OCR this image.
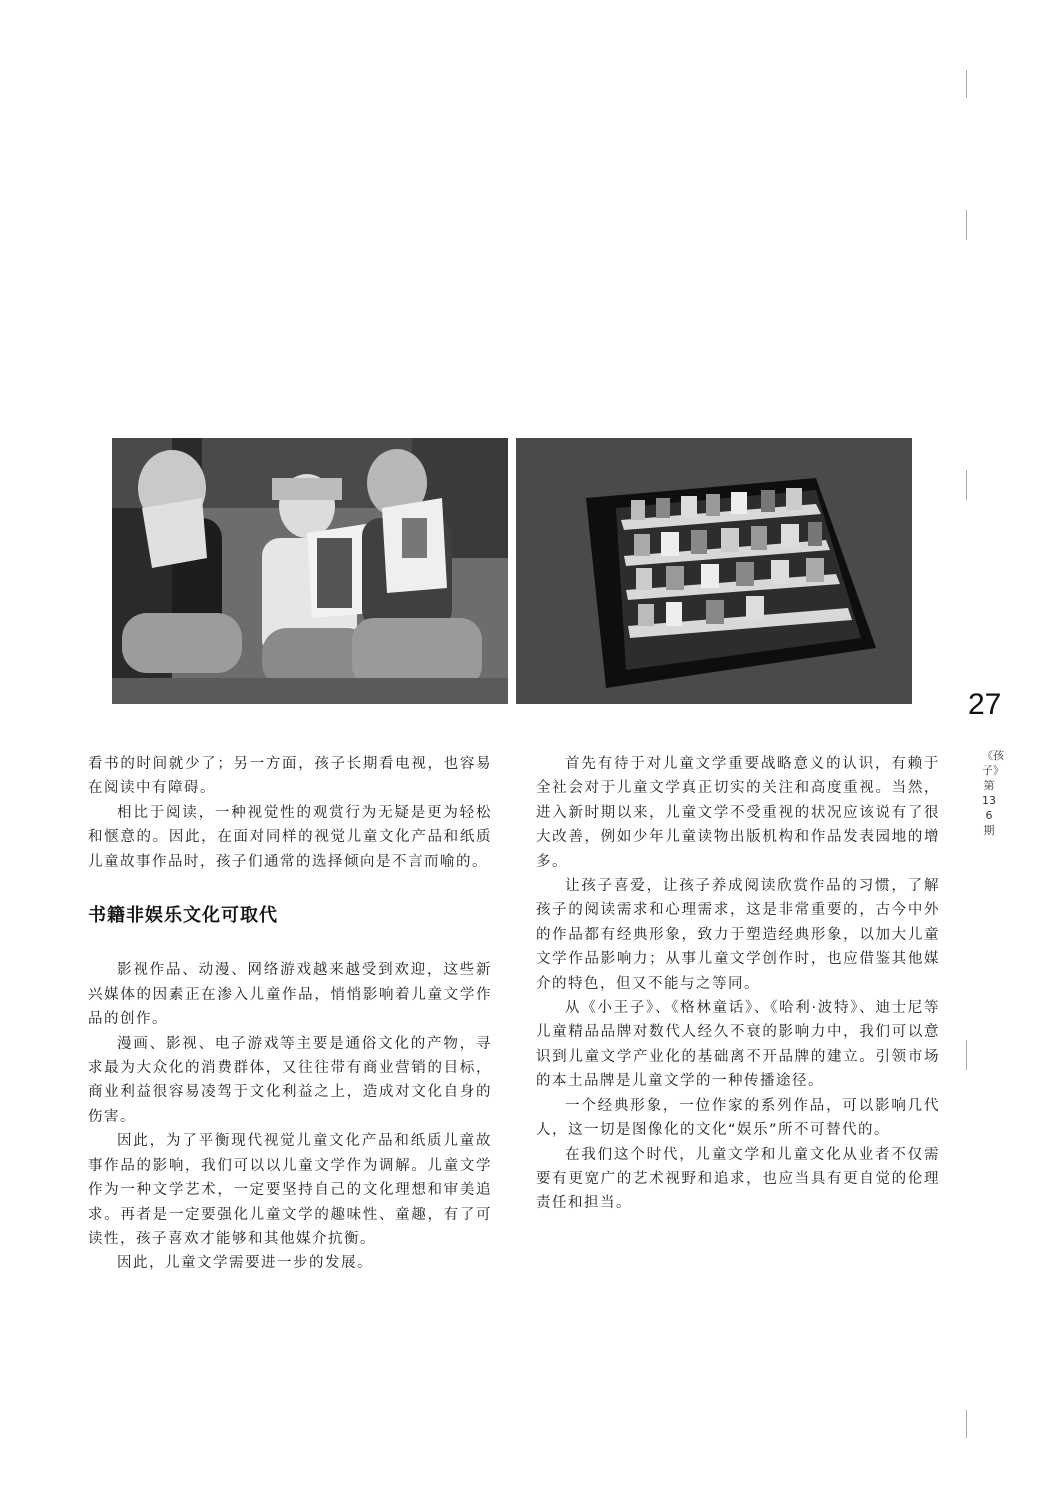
27
《孩子》第136期

看书的时间就少了；另一方面，孩子长期看电视，也容易在阅读中有障碍。

相比于阅读，一种视觉性的观赏行为无疑是更为轻松和惬意的。因此，在面对同样的视觉儿童文化产品和纸质儿童故事作品时，孩子们通常的选择倾向是不言而喻的。

书籍非娱乐文化可取代

影视作品、动漫、网络游戏越来越受到欢迎，这些新兴媒体的因素正在渗入儿童作品，悄悄影响着儿童文学作品的创作。

漫画、影视、电子游戏等主要是通俗文化的产物，寻求最为大众化的消费群体，又往往带有商业营销的目标，商业利益很容易凌驾于文化利益之上，造成对文化自身的伤害。

因此，为了平衡现代视觉儿童文化产品和纸质儿童故事作品的影响，我们可以以儿童文学作为调解。儿童文学作为一种文学艺术，一定要坚持自己的文化理想和审美追求。再者是一定要强化儿童文学的趣味性、童趣，有了可读性，孩子喜欢才能够和其他媒介抗衡。

因此，儿童文学需要进一步的发展。

首先有待于对儿童文学重要战略意义的认识，有赖于全社会对于儿童文学真正切实的关注和高度重视。当然，进入新时期以来，儿童文学不受重视的状况应该说有了很大改善，例如少年儿童读物出版机构和作品发表园地的增多。

让孩子喜爱，让孩子养成阅读欣赏作品的习惯，了解孩子的阅读需求和心理需求，这是非常重要的，古今中外的作品都有经典形象，致力于塑造经典形象，以加大儿童文学作品影响力；从事儿童文学创作时，也应借鉴其他媒介的特色，但又不能与之等同。

从《小王子》、《格林童话》、《哈利·波特》、迪士尼等儿童精品品牌对数代人经久不衰的影响力中，我们可以意识到儿童文学产业化的基础离不开品牌的建立。引领市场的本土品牌是儿童文学的一种传播途径。

一个经典形象，一位作家的系列作品，可以影响几代人，这一切是图像化的文化“娱乐”所不可替代的。

在我们这个时代，儿童文学和儿童文化从业者不仅需要有更宽广的艺术视野和追求，也应当具有更自觉的伦理责任和担当。
